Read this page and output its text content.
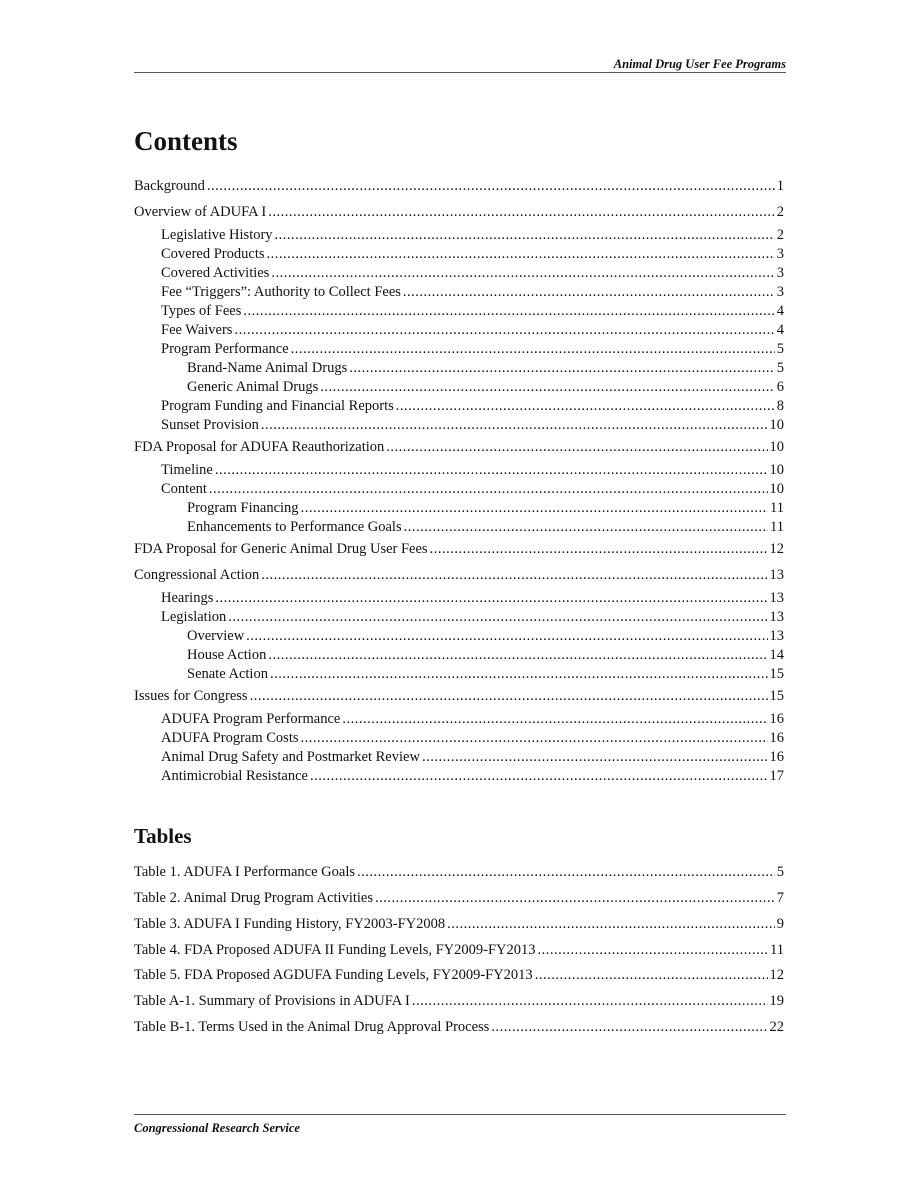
Animal Drug User Fee Programs
Contents
Background .....	1
Overview of ADUFA I .....	2
Legislative History .....	2
Covered Products .....	3
Covered Activities .....	3
Fee “Triggers”: Authority to Collect Fees .....	3
Types of Fees .....	4
Fee Waivers .....	4
Program Performance .....	5
Brand-Name Animal Drugs .....	5
Generic Animal Drugs .....	6
Program Funding and Financial Reports .....	8
Sunset Provision .....	10
FDA Proposal for ADUFA Reauthorization .....	10
Timeline .....	10
Content .....	10
Program Financing .....	11
Enhancements to Performance Goals .....	11
FDA Proposal for Generic Animal Drug User Fees .....	12
Congressional Action .....	13
Hearings .....	13
Legislation .....	13
Overview .....	13
House Action .....	14
Senate Action .....	15
Issues for Congress .....	15
ADUFA Program Performance .....	16
ADUFA Program Costs .....	16
Animal Drug Safety and Postmarket Review .....	16
Antimicrobial Resistance .....	17
Tables
Table 1. ADUFA I Performance Goals .....	5
Table 2. Animal Drug Program Activities .....	7
Table 3. ADUFA I Funding History, FY2003-FY2008 .....	9
Table 4. FDA Proposed ADUFA II Funding Levels, FY2009-FY2013 .....	11
Table 5. FDA Proposed AGDUFA Funding Levels, FY2009-FY2013 .....	12
Table A-1. Summary of Provisions in ADUFA I .....	19
Table B-1. Terms Used in the Animal Drug Approval Process .....	22
Congressional Research Service
